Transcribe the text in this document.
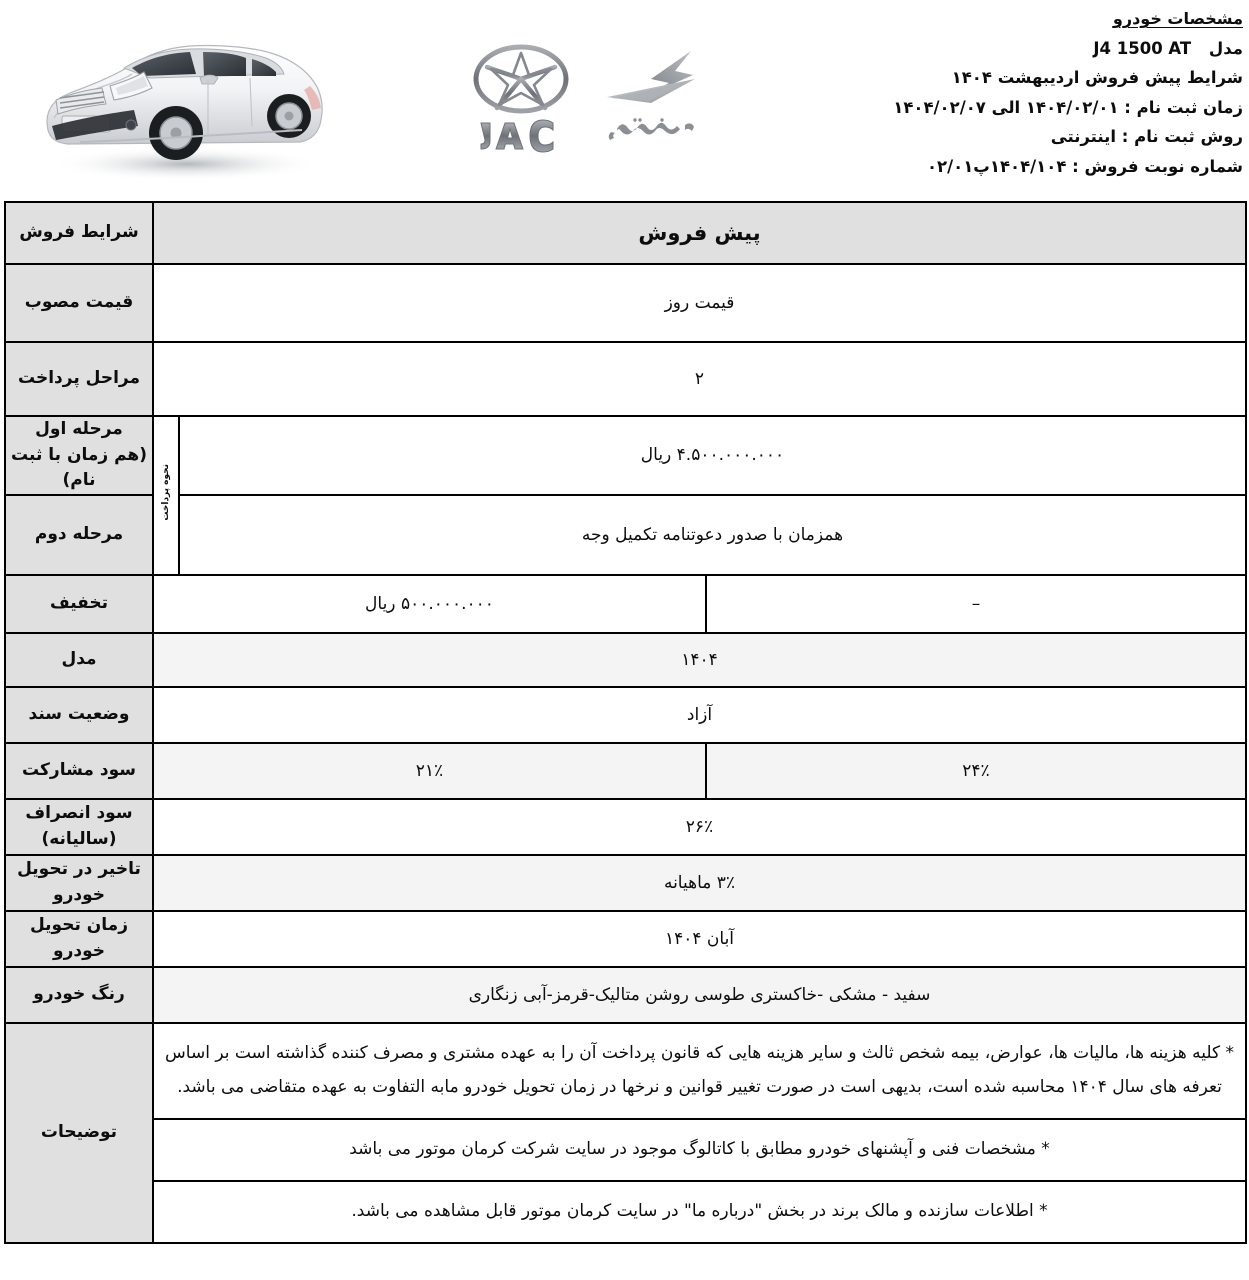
مشخصات خودرو
مدل J4 1500 AT
شرایط پیش فروش اردیبهشت ۱۴۰۴
زمان ثبت نام : ۱۴۰۴/۰۲/۰۱ الی ۱۴۰۴/۰۲/۰۷
روش ثبت نام : اینترنتی
شماره نوبت فروش : ۱۴۰۴/۱۰۴پ۰۲/۰۱
پیش فروش			شرایط فروش
قیمت روز			قیمت مصوب
۲			مراحل پرداخت
۴.۵۰۰.۰۰۰.۰۰۰ ریال		نحوه پرداخت	مرحله اول
(هم زمان با ثبت نام)

همزمان با صدور دعوتنامه تکمیل وجه			مرحله دوم
–	۵۰۰.۰۰۰.۰۰۰ ریال		تخفیف
۱۴۰۴			مدل
آزاد			وضعیت سند
۲۴٪	۲۱٪		سود مشارکت
۲۶٪			سود انصراف (سالیانه)
۳٪ ماهیانه			تاخیر در تحویل خودرو
آبان ۱۴۰۴			زمان تحویل خودرو
سفید - مشکی -خاکستری طوسی روشن متالیک-قرمز-آبی زنگاری			رنگ خودرو
* کلیه هزینه ها، مالیات ها، عوارض، بیمه شخص ثالث و سایر هزینه هایی که قانون پرداخت آن را به عهده مشتری و مصرف کننده گذاشته است بر اساس تعرفه های سال ۱۴۰۴ محاسبه شده است، بدیهی است در صورت تغییر قوانین و نرخها در زمان تحویل خودرو مابه التفاوت به عهده متقاضی می باشد.			توضیحات
* مشخصات فنی و آپشنهای خودرو مطابق با کاتالوگ موجود در سایت شرکت کرمان موتور می باشد			
* اطلاعات سازنده و مالک برند در بخش "درباره ما" در سایت کرمان موتور قابل مشاهده می باشد.			
